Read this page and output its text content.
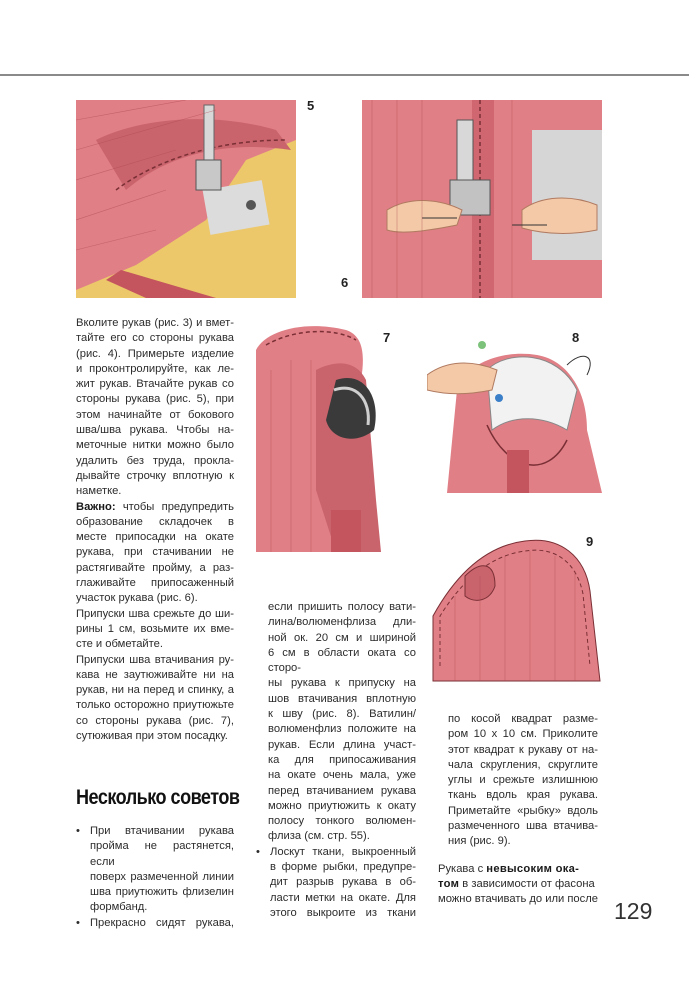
5
6
7	8
9

Вколите рукав (рис. 3) и вмет-

тайте его со стороны рукава

(рис. 4). Примерьте изделие

и проконтролируйте, как ле-

жит рукав. Втачайте рукав со

стороны рукава (рис. 5), при

этом начинайте от бокового

шва/шва рукава. Чтобы на-

меточные нитки можно было

удалить без труда, прокла-

дывайте строчку вплотную к

наметке.

Важно: чтобы предупредить

образование складочек в

месте припосадки на окате

рукава, при стачивании не

растягивайте пройму, а раз-

глаживайте припосаженный

участок рукава (рис. 6).

Припуски шва срежьте до ши-

рины 1 см, возьмите их вме-

сте и обметайте.

Припуски шва втачивания ру-

кава не заутюживайте ни на

рукав, ни на перед и спинку, а

только осторожно приутюжьте

со стороны рукава (рис. 7),

сутюживая при этом посадку.

Несколько советов
• При втачивании рукава

пройма не растянется, если

поверх размеченной линии

шва приутюжить флизелин

формбанд.

• Прекрасно сидят рукава,

если пришить полосу вати-

лина/волюменфлиза дли-

ной ок. 20 см и шириной

6 см в области оката со сторо-

ны рукава к припуску на

шов втачивания вплотную

к шву (рис. 8). Ватилин/

волюменфлиз положите на

рукав. Если длина участ-

ка для припосаживания

на окате очень мала, уже

перед втачиванием рукава

можно приутюжить к окату

полосу тонкого волюмен-

флиза (см. стр. 55).

• Лоскут ткани, выкроенный

в форме рыбки, предупре-

дит разрыв рукава в об-

ласти метки на окате. Для

этого выкроите из ткани

по косой квадрат разме-

ром 10 х 10 см. Приколите

этот квадрат к рукаву от на-

чала скругления, скруглите

углы и срежьте излишнюю

ткань вдоль края рукава.

Приметайте «рыбку» вдоль

размеченного шва втачива-

ния (рис. 9).

Рукава с невысоким ока-

том в зависимости от фасона

можно втачивать до или после 129
